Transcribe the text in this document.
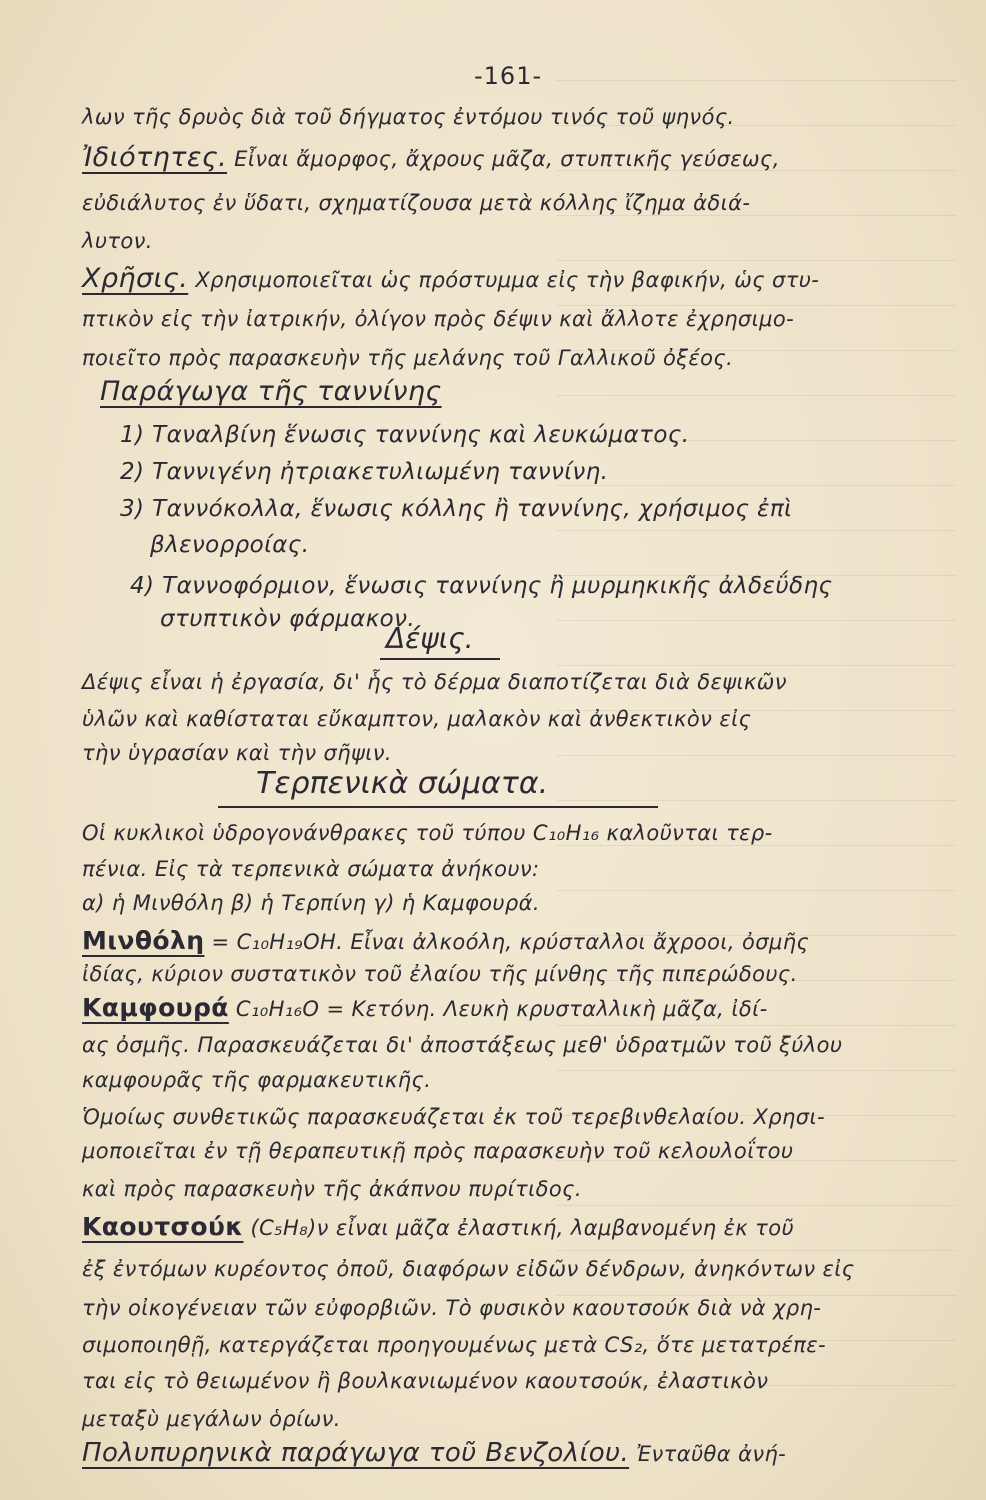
-161-
λων τῆς δρυὸς διὰ τοῦ δήγματος ἐντόμου τινός τοῦ ψηνός.
Ἰδιότητες. Εἶναι ἄμορφος, ἄχρους μᾶζα, στυπτικῆς γεύσεως,
εὐδιάλυτος ἐν ὕδατι, σχηματίζουσα μετὰ κόλλης ἴζημα ἀδιά-
λυτον.
Χρῆσις. Χρησιμοποιεῖται ὡς πρόστυμμα εἰς τὴν βαφικήν, ὡς στυ-
πτικὸν εἰς τὴν ἰατρικήν, ὀλίγον πρὸς δέψιν καὶ ἄλλοτε ἐχρησιμο-
ποιεῖτο πρὸς παρασκευὴν τῆς μελάνης τοῦ Γαλλικοῦ ὀξέος.
Παράγωγα τῆς ταννίνης
1) Ταναλβίνη ἕνωσις ταννίνης καὶ λευκώματος.
2) Ταννιγένη ἠτριακετυλιωμένη ταννίνη.
3) Ταννόκολλα, ἕνωσις κόλλης ἢ ταννίνης, χρήσιμος ἐπὶ
βλενορροίας.
4) Ταννοφόρμιον, ἕνωσις ταννίνης ἢ μυρμηκικῆς ἀλδεΰδης
στυπτικὸν φάρμακον.
Δέψις.
Δέψις εἶναι ἡ ἐργασία, δι' ἧς τὸ δέρμα διαποτίζεται διὰ δεψικῶν
ὑλῶν καὶ καθίσταται εὔκαμπτον, μαλακὸν καὶ ἀνθεκτικὸν εἰς
τὴν ὑγρασίαν καὶ τὴν σῆψιν.
Τερπενικὰ σώματα.
Οἱ κυκλικοὶ ὑδρογονάνθρακες τοῦ τύπου C₁₀H₁₆ καλοῦνται τερ-
πένια. Εἰς τὰ τερπενικὰ σώματα ἀνήκουν:
α) ἡ Μινθόλη β) ἡ Τερπίνη γ) ἡ Καμφουρά.
Μινθόλη = C₁₀H₁₉OH. Εἶναι ἀλκοόλη, κρύσταλλοι ἄχροοι, ὀσμῆς
ἰδίας, κύριον συστατικὸν τοῦ ἐλαίου τῆς μίνθης τῆς πιπερώδους.
Καμφουρά C₁₀H₁₆O = Κετόνη. Λευκὴ κρυσταλλικὴ μᾶζα, ἰδί-
ας ὀσμῆς. Παρασκευάζεται δι' ἀποστάξεως μεθ' ὑδρατμῶν τοῦ ξύλου
καμφουρᾶς τῆς φαρμακευτικῆς.
Ὁμοίως συνθετικῶς παρασκευάζεται ἐκ τοῦ τερεβινθελαίου. Χρησι-
μοποιεῖται ἐν τῇ θεραπευτικῇ πρὸς παρασκευὴν τοῦ κελουλοΐτου
καὶ πρὸς παρασκευὴν τῆς ἀκάπνου πυρίτιδος.
Καουτσούκ (C₅H₈)ν εἶναι μᾶζα ἐλαστική, λαμβανομένη ἐκ τοῦ
ἐξ ἐντόμων κυρέοντος ὀποῦ, διαφόρων εἰδῶν δένδρων, ἀνηκόντων εἰς
τὴν οἰκογένειαν τῶν εὐφορβιῶν. Τὸ φυσικὸν καουτσούκ διὰ νὰ χρη-
σιμοποιηθῇ, κατεργάζεται προηγουμένως μετὰ CS₂, ὅτε μετατρέπε-
ται εἰς τὸ θειωμένον ἢ βουλκανιωμένον καουτσούκ, ἐλαστικὸν
μεταξὺ μεγάλων ὁρίων.
Πολυπυρηνικὰ παράγωγα τοῦ Βενζολίου. Ἐνταῦθα ἀνή-
